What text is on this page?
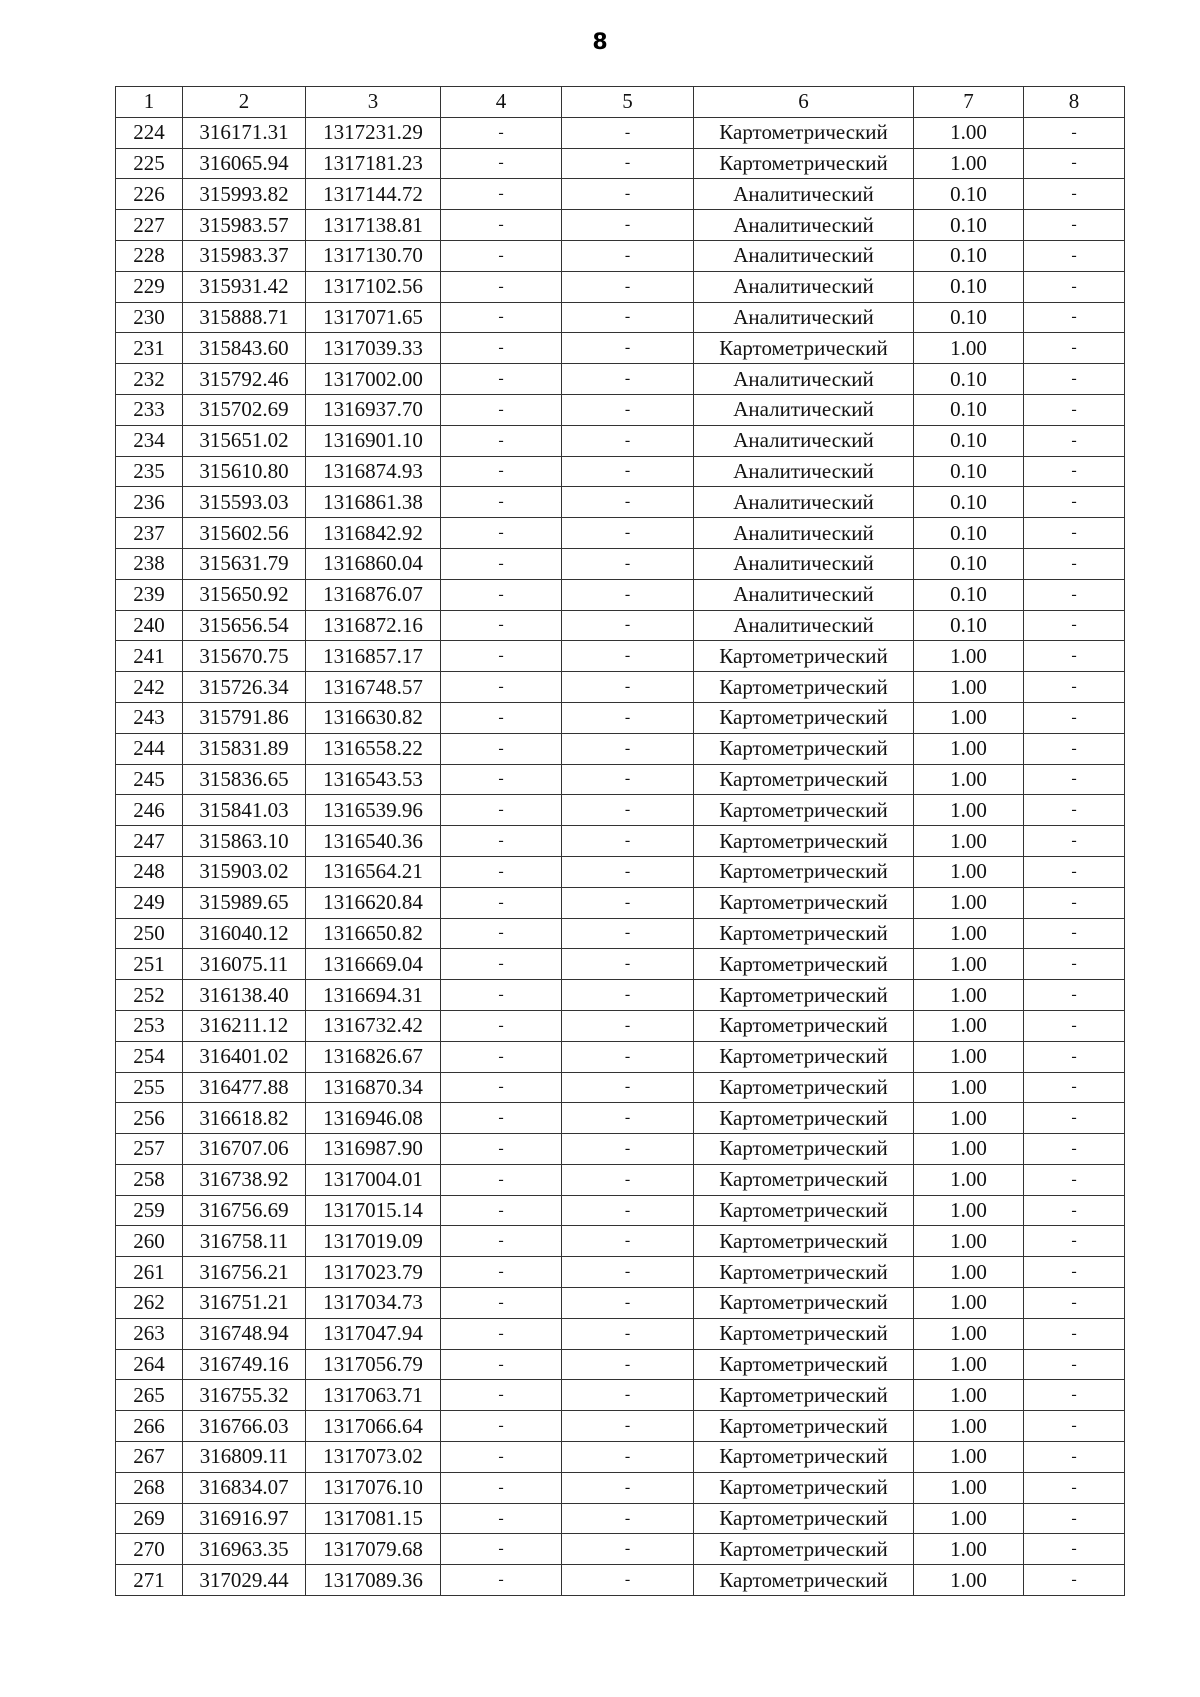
8
1	2	3	4	5	6	7	8
224	316171.31	1317231.29	-	-	Картометрический	1.00	-
225	316065.94	1317181.23	-	-	Картометрический	1.00	-
226	315993.82	1317144.72	-	-	Аналитический	0.10	-
227	315983.57	1317138.81	-	-	Аналитический	0.10	-
228	315983.37	1317130.70	-	-	Аналитический	0.10	-
229	315931.42	1317102.56	-	-	Аналитический	0.10	-
230	315888.71	1317071.65	-	-	Аналитический	0.10	-
231	315843.60	1317039.33	-	-	Картометрический	1.00	-
232	315792.46	1317002.00	-	-	Аналитический	0.10	-
233	315702.69	1316937.70	-	-	Аналитический	0.10	-
234	315651.02	1316901.10	-	-	Аналитический	0.10	-
235	315610.80	1316874.93	-	-	Аналитический	0.10	-
236	315593.03	1316861.38	-	-	Аналитический	0.10	-
237	315602.56	1316842.92	-	-	Аналитический	0.10	-
238	315631.79	1316860.04	-	-	Аналитический	0.10	-
239	315650.92	1316876.07	-	-	Аналитический	0.10	-
240	315656.54	1316872.16	-	-	Аналитический	0.10	-
241	315670.75	1316857.17	-	-	Картометрический	1.00	-
242	315726.34	1316748.57	-	-	Картометрический	1.00	-
243	315791.86	1316630.82	-	-	Картометрический	1.00	-
244	315831.89	1316558.22	-	-	Картометрический	1.00	-
245	315836.65	1316543.53	-	-	Картометрический	1.00	-
246	315841.03	1316539.96	-	-	Картометрический	1.00	-
247	315863.10	1316540.36	-	-	Картометрический	1.00	-
248	315903.02	1316564.21	-	-	Картометрический	1.00	-
249	315989.65	1316620.84	-	-	Картометрический	1.00	-
250	316040.12	1316650.82	-	-	Картометрический	1.00	-
251	316075.11	1316669.04	-	-	Картометрический	1.00	-
252	316138.40	1316694.31	-	-	Картометрический	1.00	-
253	316211.12	1316732.42	-	-	Картометрический	1.00	-
254	316401.02	1316826.67	-	-	Картометрический	1.00	-
255	316477.88	1316870.34	-	-	Картометрический	1.00	-
256	316618.82	1316946.08	-	-	Картометрический	1.00	-
257	316707.06	1316987.90	-	-	Картометрический	1.00	-
258	316738.92	1317004.01	-	-	Картометрический	1.00	-
259	316756.69	1317015.14	-	-	Картометрический	1.00	-
260	316758.11	1317019.09	-	-	Картометрический	1.00	-
261	316756.21	1317023.79	-	-	Картометрический	1.00	-
262	316751.21	1317034.73	-	-	Картометрический	1.00	-
263	316748.94	1317047.94	-	-	Картометрический	1.00	-
264	316749.16	1317056.79	-	-	Картометрический	1.00	-
265	316755.32	1317063.71	-	-	Картометрический	1.00	-
266	316766.03	1317066.64	-	-	Картометрический	1.00	-
267	316809.11	1317073.02	-	-	Картометрический	1.00	-
268	316834.07	1317076.10	-	-	Картометрический	1.00	-
269	316916.97	1317081.15	-	-	Картометрический	1.00	-
270	316963.35	1317079.68	-	-	Картометрический	1.00	-
271	317029.44	1317089.36	-	-	Картометрический	1.00	-
